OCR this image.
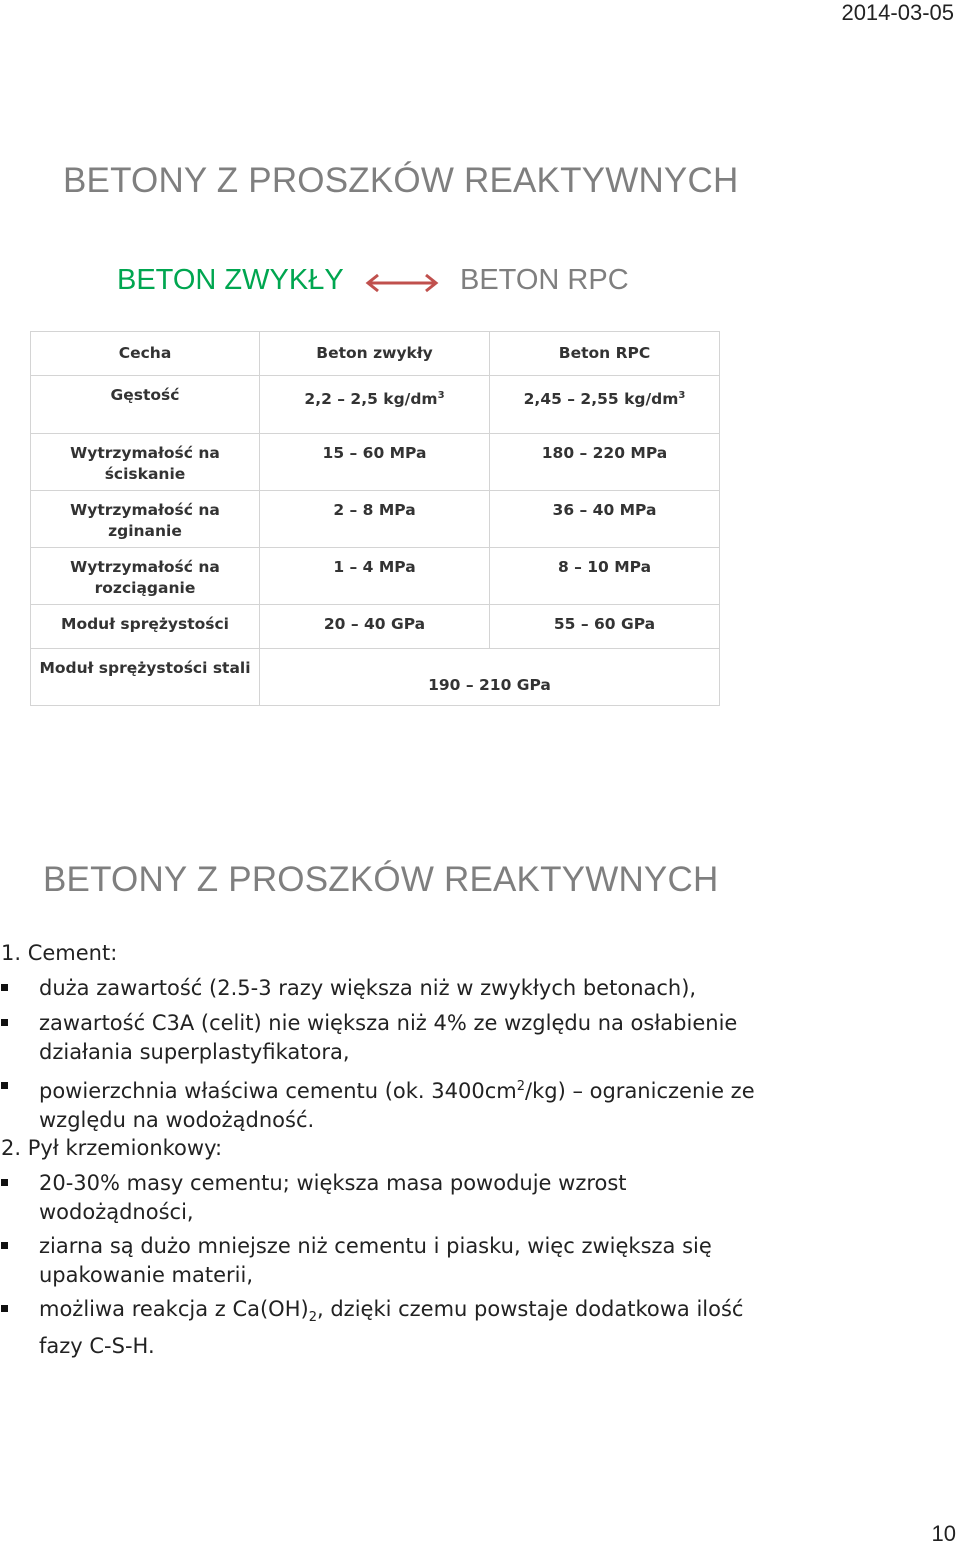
2014-03-05
BETONY Z PROSZKÓW REAKTYWNYCH
BETON ZWYKŁY	BETON RPC
Cecha	Beton zwykły	Beton RPC
Gęstość	2,2 – 2,5 $kg/dm^3$	2,45 – 2,55 $kg/dm^3$
Wytrzymałość na ściskanie	15 – 60 MPa	180 – 220 MPa
Wytrzymałość na zginanie	2 – 8 MPa	36 – 40 MPa
Wytrzymałość na rozciąganie	1 – 4 MPa	8 – 10 MPa
Moduł sprężystości	20 – 40 GPa	55 – 60 GPa
Moduł sprężystości stali	190 – 210 GPa	
BETONY Z PROSZKÓW REAKTYWNYCH
1. Cement:
duża zawartość (2.5-3 razy większa niż w zwykłych betonach),
zawartość C3A (celit) nie większa niż 4% ze względu na osłabienie działania superplastyfikatora,
powierzchnia właściwa cementu (ok. $3400cm^2/kg$) – ograniczenie ze względu na wodożądność.
2. Pył krzemionkowy:
20-30% masy cementu; większa masa powoduje wzrost wodożądności,
ziarna są dużo mniejsze niż cementu i piasku, więc zwiększa się upakowanie materii,
możliwa reakcja z $Ca(OH)_2$, dzięki czemu powstaje dodatkowa ilość fazy C-S-H.
10
